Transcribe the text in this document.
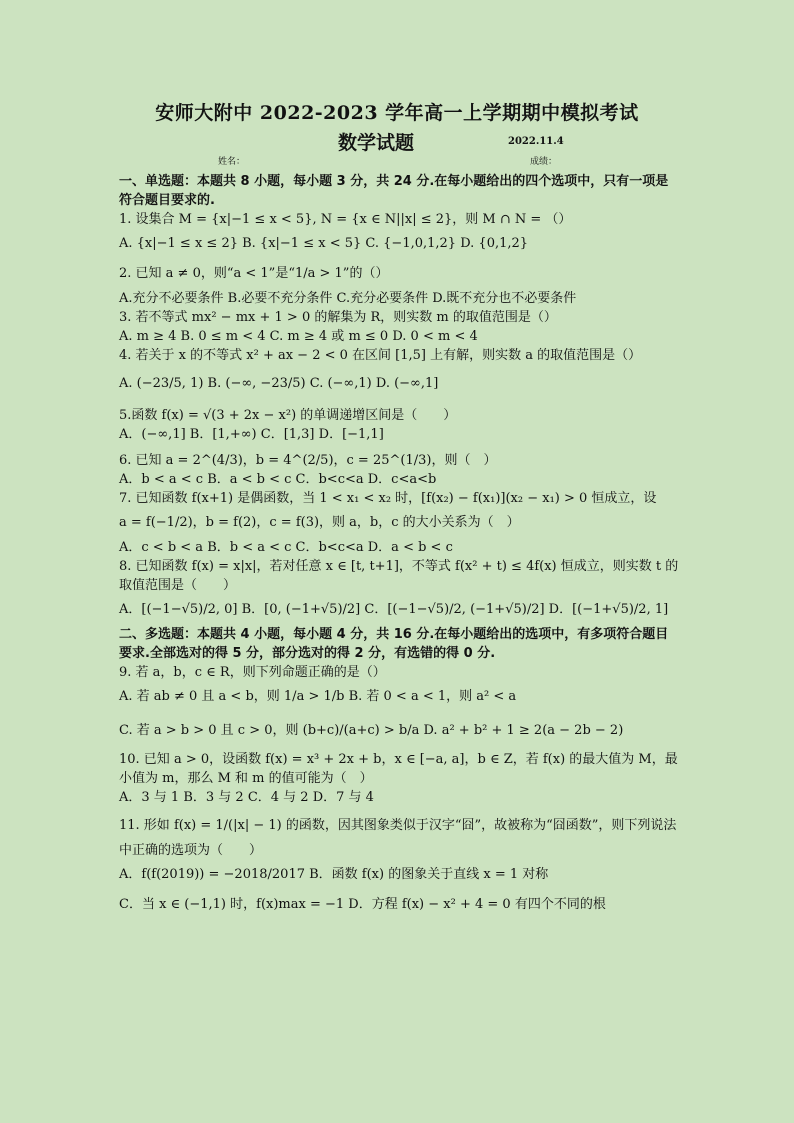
安师大附中 2022-2023 学年高一上学期期中模拟考试
数学试题	2022.11.4
姓名：	成绩：

一、单选题：本题共 8 小题，每小题 3 分，共 24 分.在每小题给出的四个选项中，只有一项是符合题目要求的.

1. 设集合 M = {x|−1 ≤ x < 5}, N = {x ∈ N||x| ≤ 2}，则 M ∩ N = （）

A. {x|−1 ≤ x ≤ 2} B. {x|−1 ≤ x < 5} C. {−1,0,1,2} D. {0,1,2}

2. 已知 a ≠ 0，则“a < 1”是“1/a > 1”的（）

A.充分不必要条件 B.必要不充分条件 C.充分必要条件 D.既不充分也不必要条件

3. 若不等式 mx² − mx + 1 > 0 的解集为 R，则实数 m 的取值范围是（）

A. m ≥ 4 B. 0 ≤ m < 4 C. m ≥ 4 或 m ≤ 0 D. 0 < m < 4

4. 若关于 x 的不等式 x² + ax − 2 < 0 在区间 [1,5] 上有解，则实数 a 的取值范围是（）

A. (−23/5, 1) B. (−∞, −23/5) C. (−∞,1) D. (−∞,1]

5.函数 f(x) = √(3 + 2x − x²) 的单调递增区间是（　　）

A．(−∞,1] B．[1,+∞) C．[1,3] D．[−1,1]

6. 已知 a = 2^(4/3)，b = 4^(2/5)，c = 25^(1/3)，则（　）

A．b < a < c B．a < b < c C．b<c<a D．c<a<b

7. 已知函数 f(x+1) 是偶函数，当 1 < x₁ < x₂ 时，[f(x₂) − f(x₁)](x₂ − x₁) > 0 恒成立，设

a = f(−1/2)，b = f(2)，c = f(3)，则 a，b，c 的大小关系为（　）

A．c < b < a B．b < a < c C．b<c<a D．a < b < c

8. 已知函数 f(x) = x|x|，若对任意 x ∈ [t, t+1]，不等式 f(x² + t) ≤ 4f(x) 恒成立，则实数 t 的

取值范围是（　　）

A．[(−1−√5)/2, 0] B．[0, (−1+√5)/2] C．[(−1−√5)/2, (−1+√5)/2] D．[(−1+√5)/2, 1]

二、多选题：本题共 4 小题，每小题 4 分，共 16 分.在每小题给出的选项中，有多项符合题目要求.全部选对的得 5 分，部分选对的得 2 分，有选错的得 0 分.

9. 若 a，b，c ∈ R，则下列命题正确的是（）

A. 若 ab ≠ 0 且 a < b，则 1/a > 1/b B. 若 0 < a < 1，则 a² < a

C. 若 a > b > 0 且 c > 0，则 (b+c)/(a+c) > b/a D. a² + b² + 1 ≥ 2(a − 2b − 2)

10. 已知 a > 0，设函数 f(x) = x³ + 2x + b，x ∈ [−a, a]，b ∈ Z，若 f(x) 的最大值为 M，最

小值为 m，那么 M 和 m 的值可能为（　）

A．3 与 1 B．3 与 2 C．4 与 2 D．7 与 4

11. 形如 f(x) = 1/(|x| − 1) 的函数，因其图象类似于汉字“囧”，故被称为“囧函数”，则下列说法

中正确的选项为（　　）

A．f(f(2019)) = −2018/2017 B．函数 f(x) 的图象关于直线 x = 1 对称

C．当 x ∈ (−1,1) 时，f(x)max = −1 D．方程 f(x) − x² + 4 = 0 有四个不同的根
